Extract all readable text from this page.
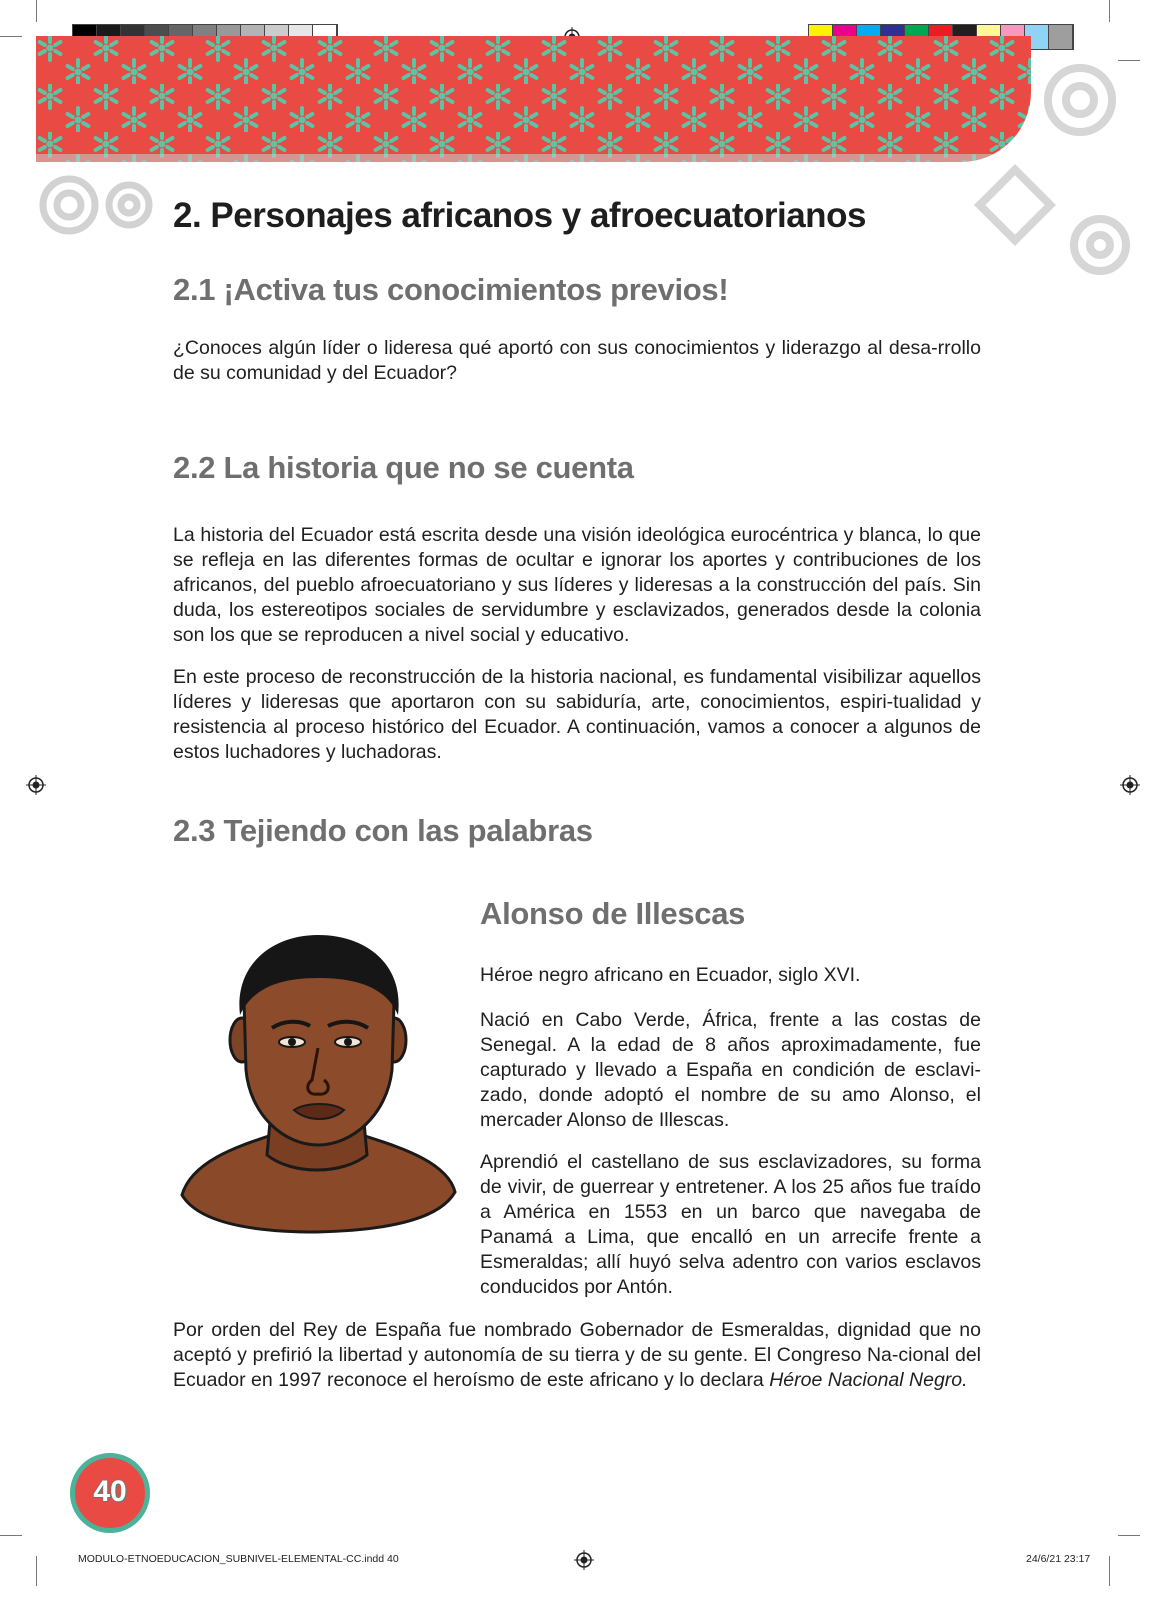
2. Personajes africanos y afroecuatorianos
2.1 ¡Activa tus conocimientos previos!

¿Conoces algún líder o lideresa qué aportó con sus conocimientos y liderazgo al desa-rrollo de su comunidad y del Ecuador?

2.2 La historia que no se cuenta

La historia del Ecuador está escrita desde una visión ideológica eurocéntrica y blanca, lo que se refleja en las diferentes formas de ocultar e ignorar los aportes y contribuciones de los africanos, del pueblo afroecuatoriano y sus líderes y lideresas a la construcción del país. Sin duda, los estereotipos sociales de servidumbre y esclavizados, generados desde la colonia son los que se reproducen a nivel social y educativo.

En este proceso de reconstrucción de la historia nacional, es fundamental visibilizar aquellos líderes y lideresas que aportaron con su sabiduría, arte, conocimientos, espiri-tualidad y resistencia al proceso histórico del Ecuador. A continuación, vamos a conocer a algunos de estos luchadores y luchadoras.

2.3 Tejiendo con las palabras
Alonso de Illescas

Héroe negro africano en Ecuador, siglo XVI.

Nació en Cabo Verde, África, frente a las costas de Senegal. A la edad de 8 años aproximadamente, fue capturado y llevado a España en condición de esclavi-zado, donde adoptó el nombre de su amo Alonso, el mercader Alonso de Illescas.

Aprendió el castellano de sus esclavizadores, su forma de vivir, de guerrear y entretener. A los 25 años fue traído a América en 1553 en un barco que navegaba de Panamá a Lima, que encalló en un arrecife frente a Esmeraldas; allí huyó selva adentro con varios esclavos conducidos por Antón.

Por orden del Rey de España fue nombrado Gobernador de Esmeraldas, dignidad que no aceptó y prefirió la libertad y autonomía de su tierra y de su gente. El Congreso Na-cional del Ecuador en 1997 reconoce el heroísmo de este africano y lo declara Héroe Nacional Negro.

40
MODULO-ETNOEDUCACION_SUBNIVEL-ELEMENTAL-CC.indd 40	24/6/21 23:17
